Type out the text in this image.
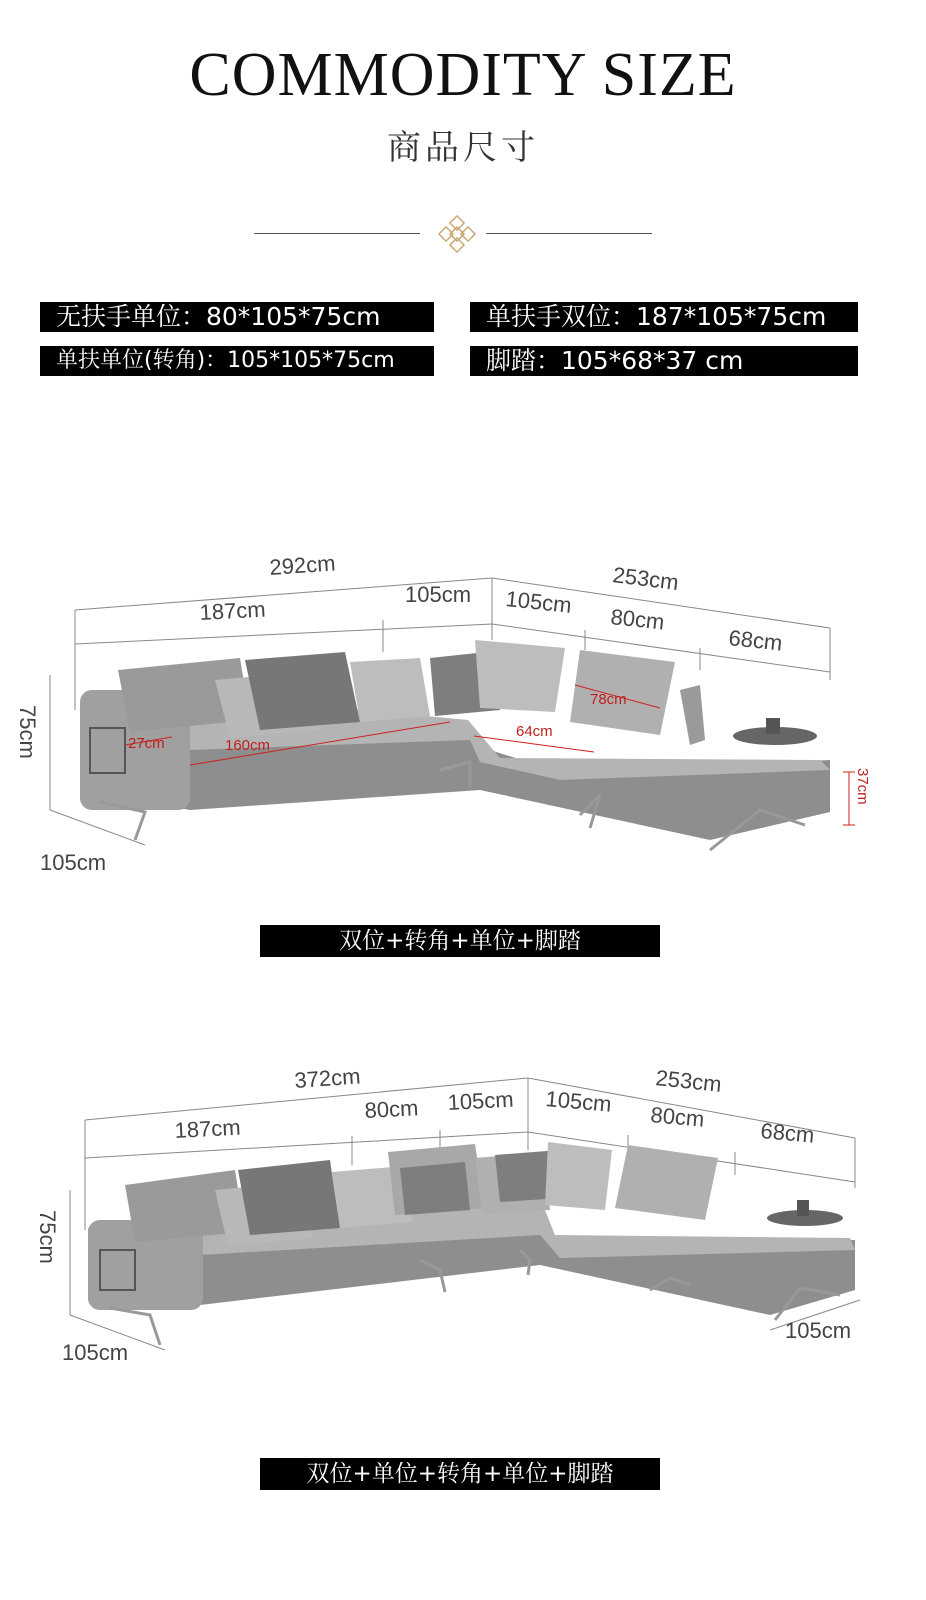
COMMODITY SIZE
商品尺寸
无扶手单位：80*105*75cm	单扶手双位：187*105*75cm
单扶单位(转角)：105*105*75cm	脚踏：105*68*37 cm
292cm	253cm
187cm
105cm 105cm
80cm
68cm
75cm
105cm
37cm
27cm	160cm
64cm
78cm
双位+转角+单位+脚踏
372cm	253cm
187cm
80cm 105cm 105cm
80cm
68cm
75cm
105cm
105cm
双位+单位+转角+单位+脚踏
